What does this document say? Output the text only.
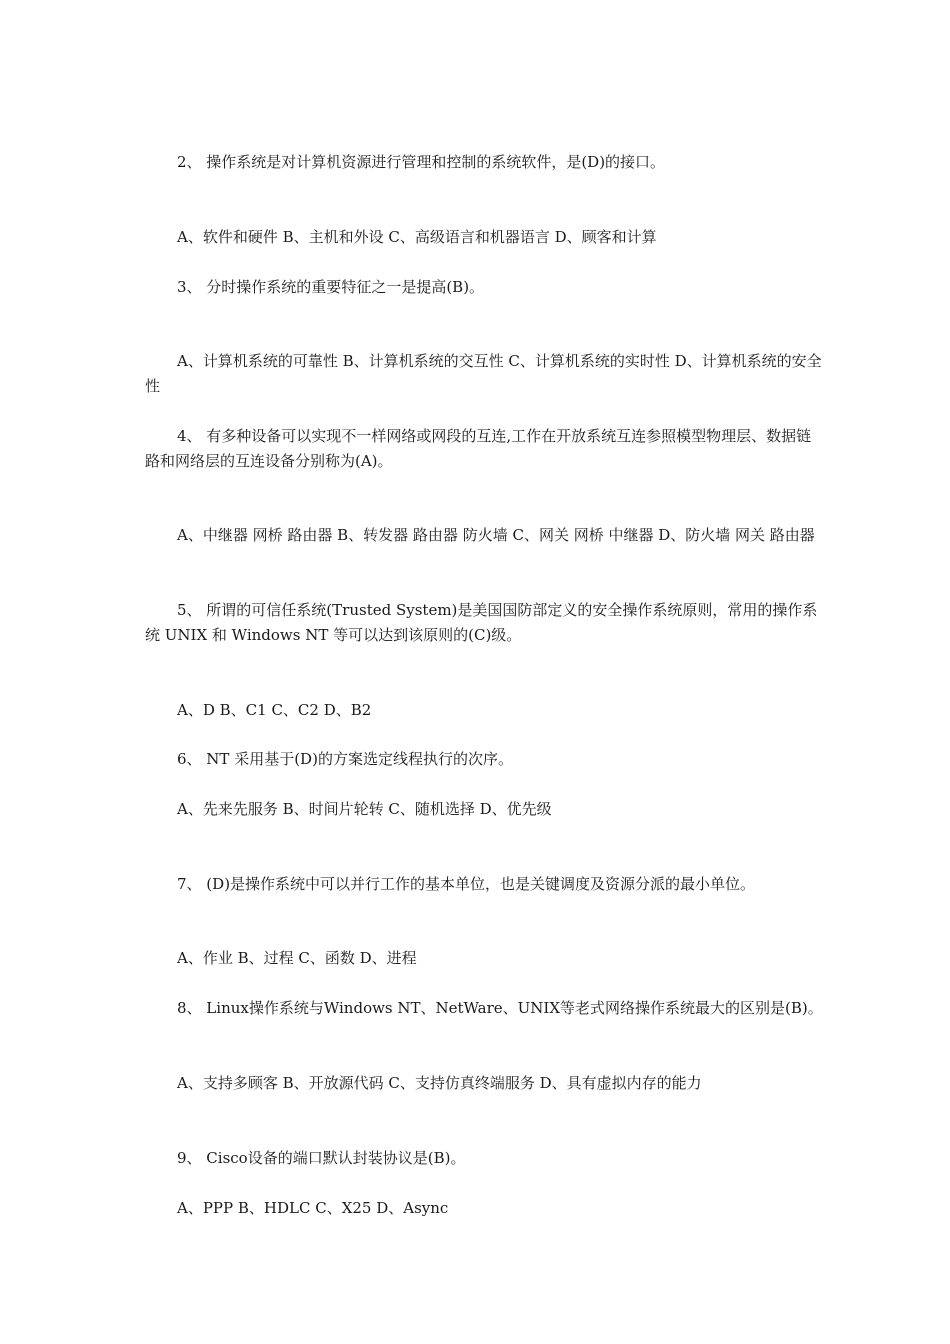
2、 操作系统是对计算机资源进行管理和控制的系统软件，是(D)的接口。

A、软件和硬件 B、主机和外设 C、高级语言和机器语言 D、顾客和计算

3、 分时操作系统的重要特征之一是提高(B)。

A、计算机系统的可靠性 B、计算机系统的交互性 C、计算机系统的实时性 D、计算机系统的安全性

4、 有多种设备可以实现不一样网络或网段的互连,工作在开放系统互连参照模型物理层、数据链路和网络层的互连设备分别称为(A)。

A、中继器 网桥 路由器 B、转发器 路由器 防火墙 C、网关 网桥 中继器 D、防火墙 网关 路由器

5、 所谓的可信任系统(Trusted System)是美国国防部定义的安全操作系统原则，常用的操作系统 UNIX 和 Windows NT 等可以达到该原则的(C)级。

A、D B、C1 C、C2 D、B2

6、 NT 采用基于(D)的方案选定线程执行的次序。

A、先来先服务 B、时间片轮转 C、随机选择 D、优先级

7、 (D)是操作系统中可以并行工作的基本单位，也是关键调度及资源分派的最小单位。

A、作业 B、过程 C、函数 D、进程

8、 Linux操作系统与Windows NT、NetWare、UNIX等老式网络操作系统最大的区别是(B)。

A、支持多顾客 B、开放源代码 C、支持仿真终端服务 D、具有虚拟内存的能力

9、 Cisco设备的端口默认封装协议是(B)。

A、PPP B、HDLC C、X25 D、Async
